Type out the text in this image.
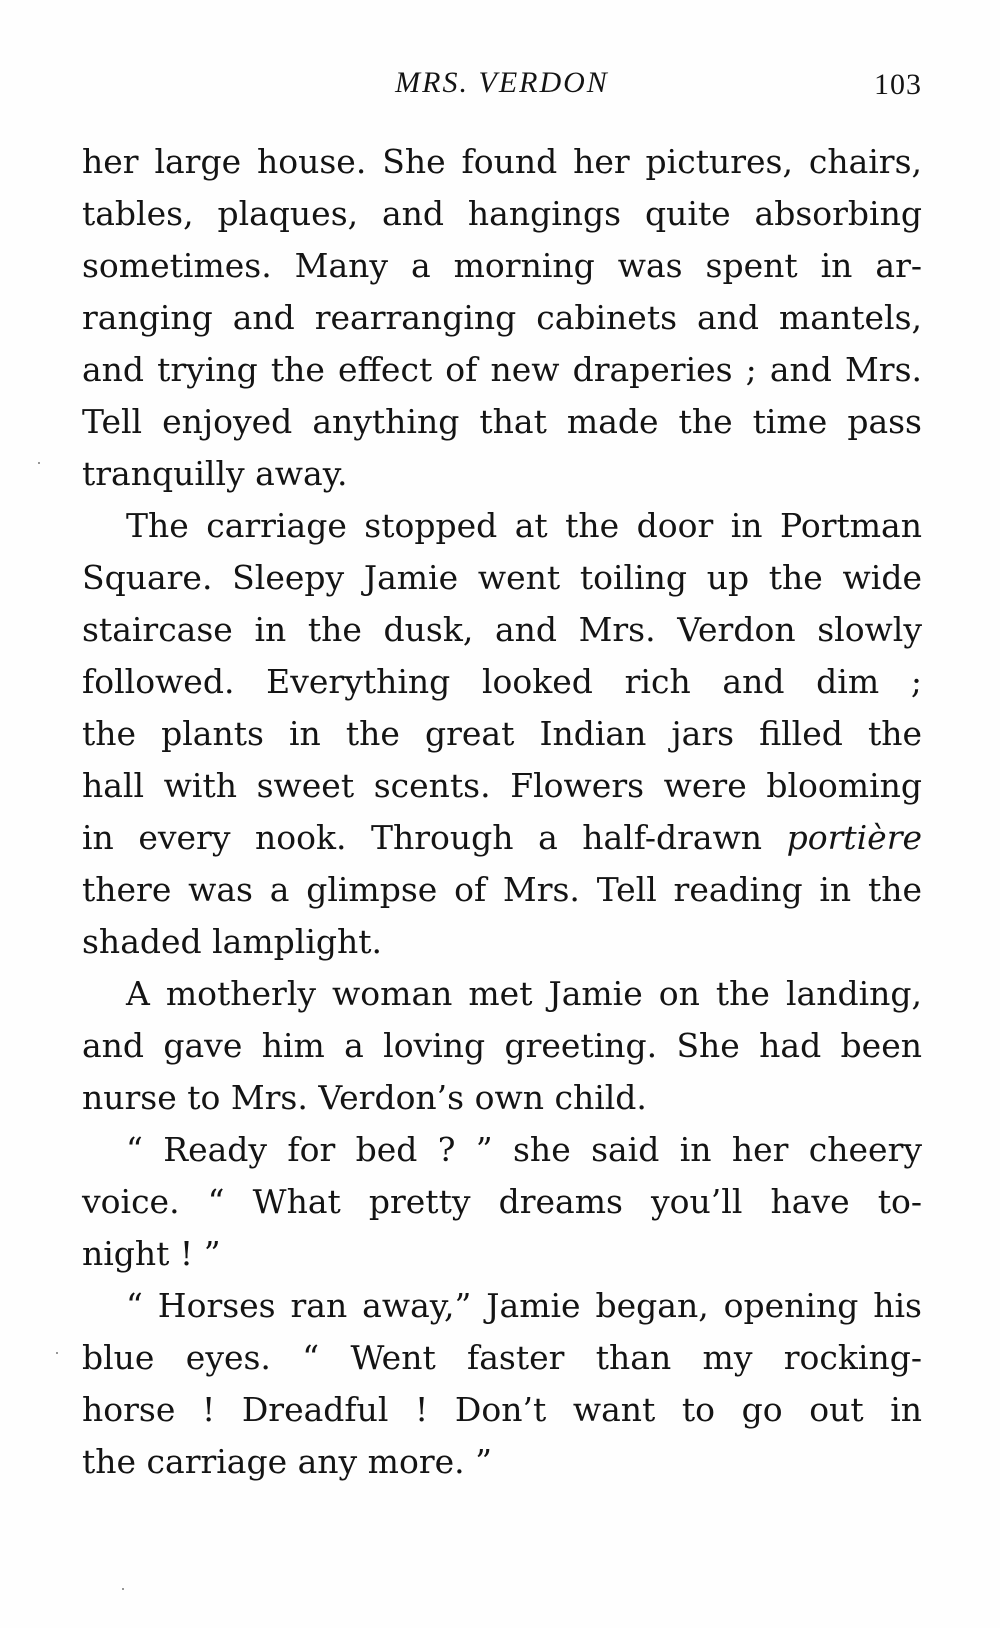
MRS. VERDON	103
her large house. She found her pictures, chairs,
tables, plaques, and hangings quite absorbing
sometimes. Many a morning was spent in ar-
ranging and rearranging cabinets and mantels,
and trying the effect of new draperies ; and Mrs.
Tell enjoyed anything that made the time pass
tranquilly away.
The carriage stopped at the door in Portman
Square. Sleepy Jamie went toiling up the wide
staircase in the dusk, and Mrs. Verdon slowly
followed. Everything looked rich and dim ;
the plants in the great Indian jars filled the
hall with sweet scents. Flowers were blooming
in every nook. Through a half-drawn portière
there was a glimpse of Mrs. Tell reading in the
shaded lamplight.
A motherly woman met Jamie on the landing,
and gave him a loving greeting. She had been
nurse to Mrs. Verdon’s own child.
“ Ready for bed ? ” she said in her cheery
voice. “ What pretty dreams you’ll have to-
night ! ”
“ Horses ran away,” Jamie began, opening his
blue eyes. “ Went faster than my rocking-
horse ! Dreadful ! Don’t want to go out in
the carriage any more. ”
